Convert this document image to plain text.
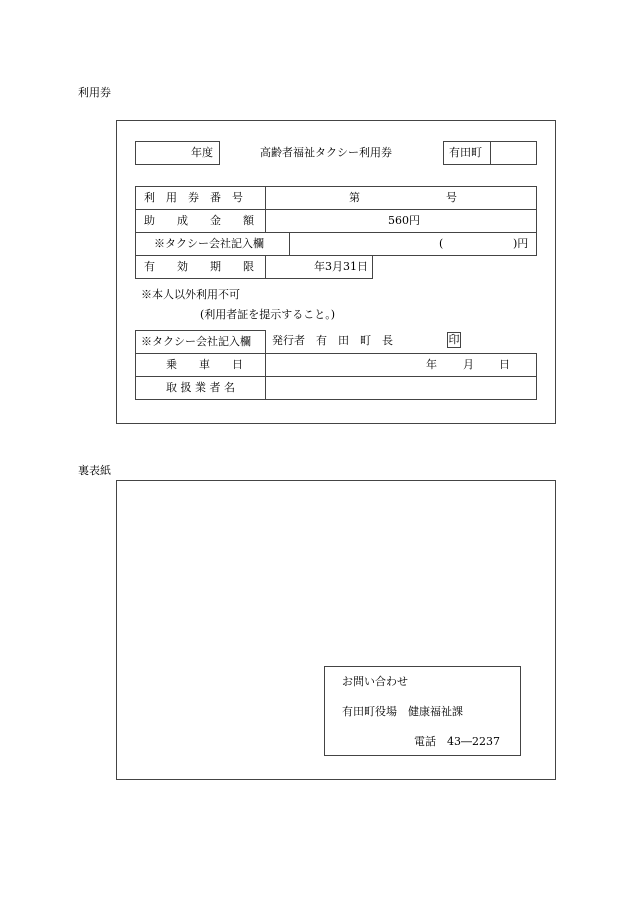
利用券
年度	高齢者福祉タクシー利用券	有田町
利　用　券　番　号	第	号
助　　成　　金　　額	560円
※タクシー会社記入欄	(	)円
有　　効　　期　　限	年3月31日
※本人以外利用不可
(利用者証を提示すること。)
※タクシー会社記入欄 発行者　有　田　町　長	印
乗　　車　　日	年 月 日
取 扱 業 者 名
裏表紙
お問い合わせ
有田町役場　健康福祉課
電話　43―2237
